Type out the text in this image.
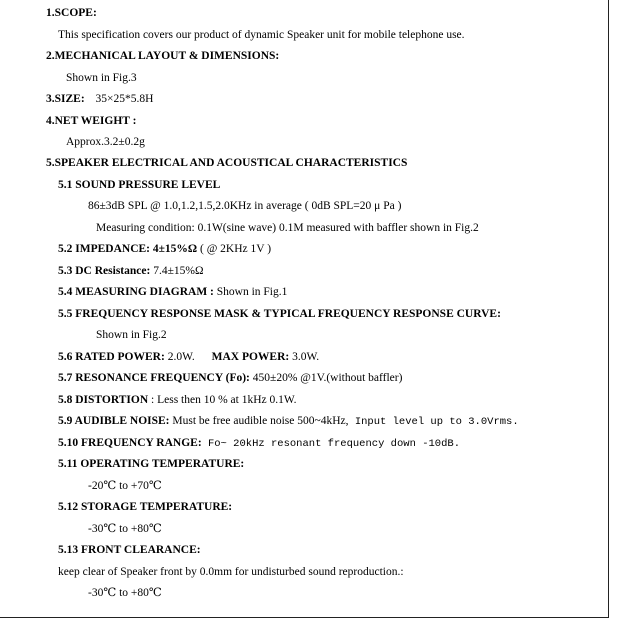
1.SCOPE:
This specification covers our product of dynamic Speaker unit for mobile telephone use.
2.MECHANICAL LAYOUT & DIMENSIONS:
Shown in Fig.3
3.SIZE: 35×25*5.8H
4.NET WEIGHT :
Approx.3.2±0.2g
5.SPEAKER ELECTRICAL AND ACOUSTICAL CHARACTERISTICS
5.1 SOUND PRESSURE LEVEL
86±3dB SPL @ 1.0,1.2,1.5,2.0KHz in average ( 0dB SPL=20 μ Pa )
Measuring condition: 0.1W(sine wave) 0.1M measured with baffler shown in Fig.2
5.2 IMPEDANCE: 4±15%Ω ( @ 2KHz 1V )
5.3 DC Resistance: 7.4±15%Ω
5.4 MEASURING DIAGRAM : Shown in Fig.1
5.5 FREQUENCY RESPONSE MASK & TYPICAL FREQUENCY RESPONSE CURVE:
Shown in Fig.2
5.6 RATED POWER: 2.0W. MAX POWER: 3.0W.
5.7 RESONANCE FREQUENCY (Fo): 450±20% @1V.(without baffler)
5.8 DISTORTION : Less then 10 % at 1kHz 0.1W.
5.9 AUDIBLE NOISE: Must be free audible noise 500~4kHz, Input level up to 3.0Vrms.
5.10 FREQUENCY RANGE: Fo~ 20kHz resonant frequency down -10dB.
5.11 OPERATING TEMPERATURE:
-20℃ to +70℃
5.12 STORAGE TEMPERATURE:
-30℃ to +80℃
5.13 FRONT CLEARANCE:
keep clear of Speaker front by 0.0mm for undisturbed sound reproduction.:
-30℃ to +80℃
